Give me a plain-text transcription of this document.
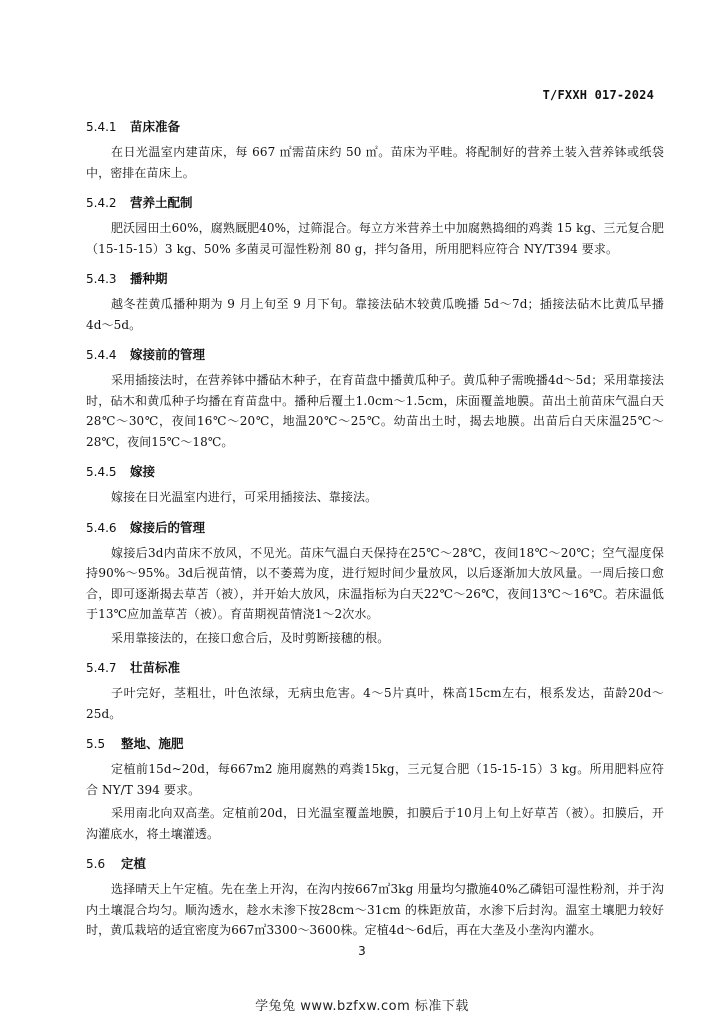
T/FXXH 017-2024
5.4.1	苗床准备

在日光温室内建苗床，每 667 ㎡需苗床约 50 ㎡。苗床为平畦。将配制好的营养土装入营养钵或纸袋中，密排在苗床上。

5.4.2	营养土配制

肥沃园田土60%，腐熟厩肥40%，过筛混合。每立方米营养土中加腐熟捣细的鸡粪 15 kg、三元复合肥（15-15-15）3 kg、50% 多菌灵可湿性粉剂 80 g，拌匀备用，所用肥料应符合 NY/T394 要求。

5.4.3	播种期

越冬茬黄瓜播种期为 9 月上旬至 9 月下旬。靠接法砧木较黄瓜晚播 5d～7d；插接法砧木比黄瓜早播 4d～5d。

5.4.4	嫁接前的管理

采用插接法时，在营养钵中播砧木种子，在育苗盘中播黄瓜种子。黄瓜种子需晚播4d～5d；采用靠接法时，砧木和黄瓜种子均播在育苗盘中。播种后覆土1.0cm～1.5cm，床面覆盖地膜。苗出土前苗床气温白天28℃～30℃，夜间16℃～20℃，地温20℃～25℃。幼苗出土时，揭去地膜。出苗后白天床温25℃～28℃，夜间15℃～18℃。

5.4.5	嫁接

嫁接在日光温室内进行，可采用插接法、靠接法。

5.4.6	嫁接后的管理

嫁接后3d内苗床不放风，不见光。苗床气温白天保持在25℃～28℃，夜间18℃～20℃；空气湿度保持90%～95%。3d后视苗情，以不萎蔫为度，进行短时间少量放风，以后逐渐加大放风量。一周后接口愈合，即可逐渐揭去草苫（被），并开始大放风，床温指标为白天22℃～26℃，夜间13℃～16℃。若床温低于13℃应加盖草苫（被）。育苗期视苗情浇1～2次水。

采用靠接法的，在接口愈合后，及时剪断接穗的根。

5.4.7	壮苗标准

子叶完好，茎粗壮，叶色浓绿，无病虫危害。4～5片真叶，株高15cm左右，根系发达，苗龄20d～25d。

5.5	整地、施肥

定植前15d~20d，每667m2 施用腐熟的鸡粪15kg，三元复合肥（15-15-15）3 kg。所用肥料应符合 NY/T 394 要求。

采用南北向双高垄。定植前20d，日光温室覆盖地膜，扣膜后于10月上旬上好草苫（被）。扣膜后，开沟灌底水，将土壤灌透。

5.6	定植

选择晴天上午定植。先在垄上开沟，在沟内按667㎡3kg 用量均匀撒施40%乙磷铝可湿性粉剂，并于沟内土壤混合均匀。顺沟透水，趁水未渗下按28cm～31cm 的株距放苗，水渗下后封沟。温室土壤肥力较好时，黄瓜栽培的适宜密度为667㎡3300～3600株。定植4d～6d后，再在大垄及小垄沟内灌水。

3
学兔兔 www.bzfxw.com 标准下载
